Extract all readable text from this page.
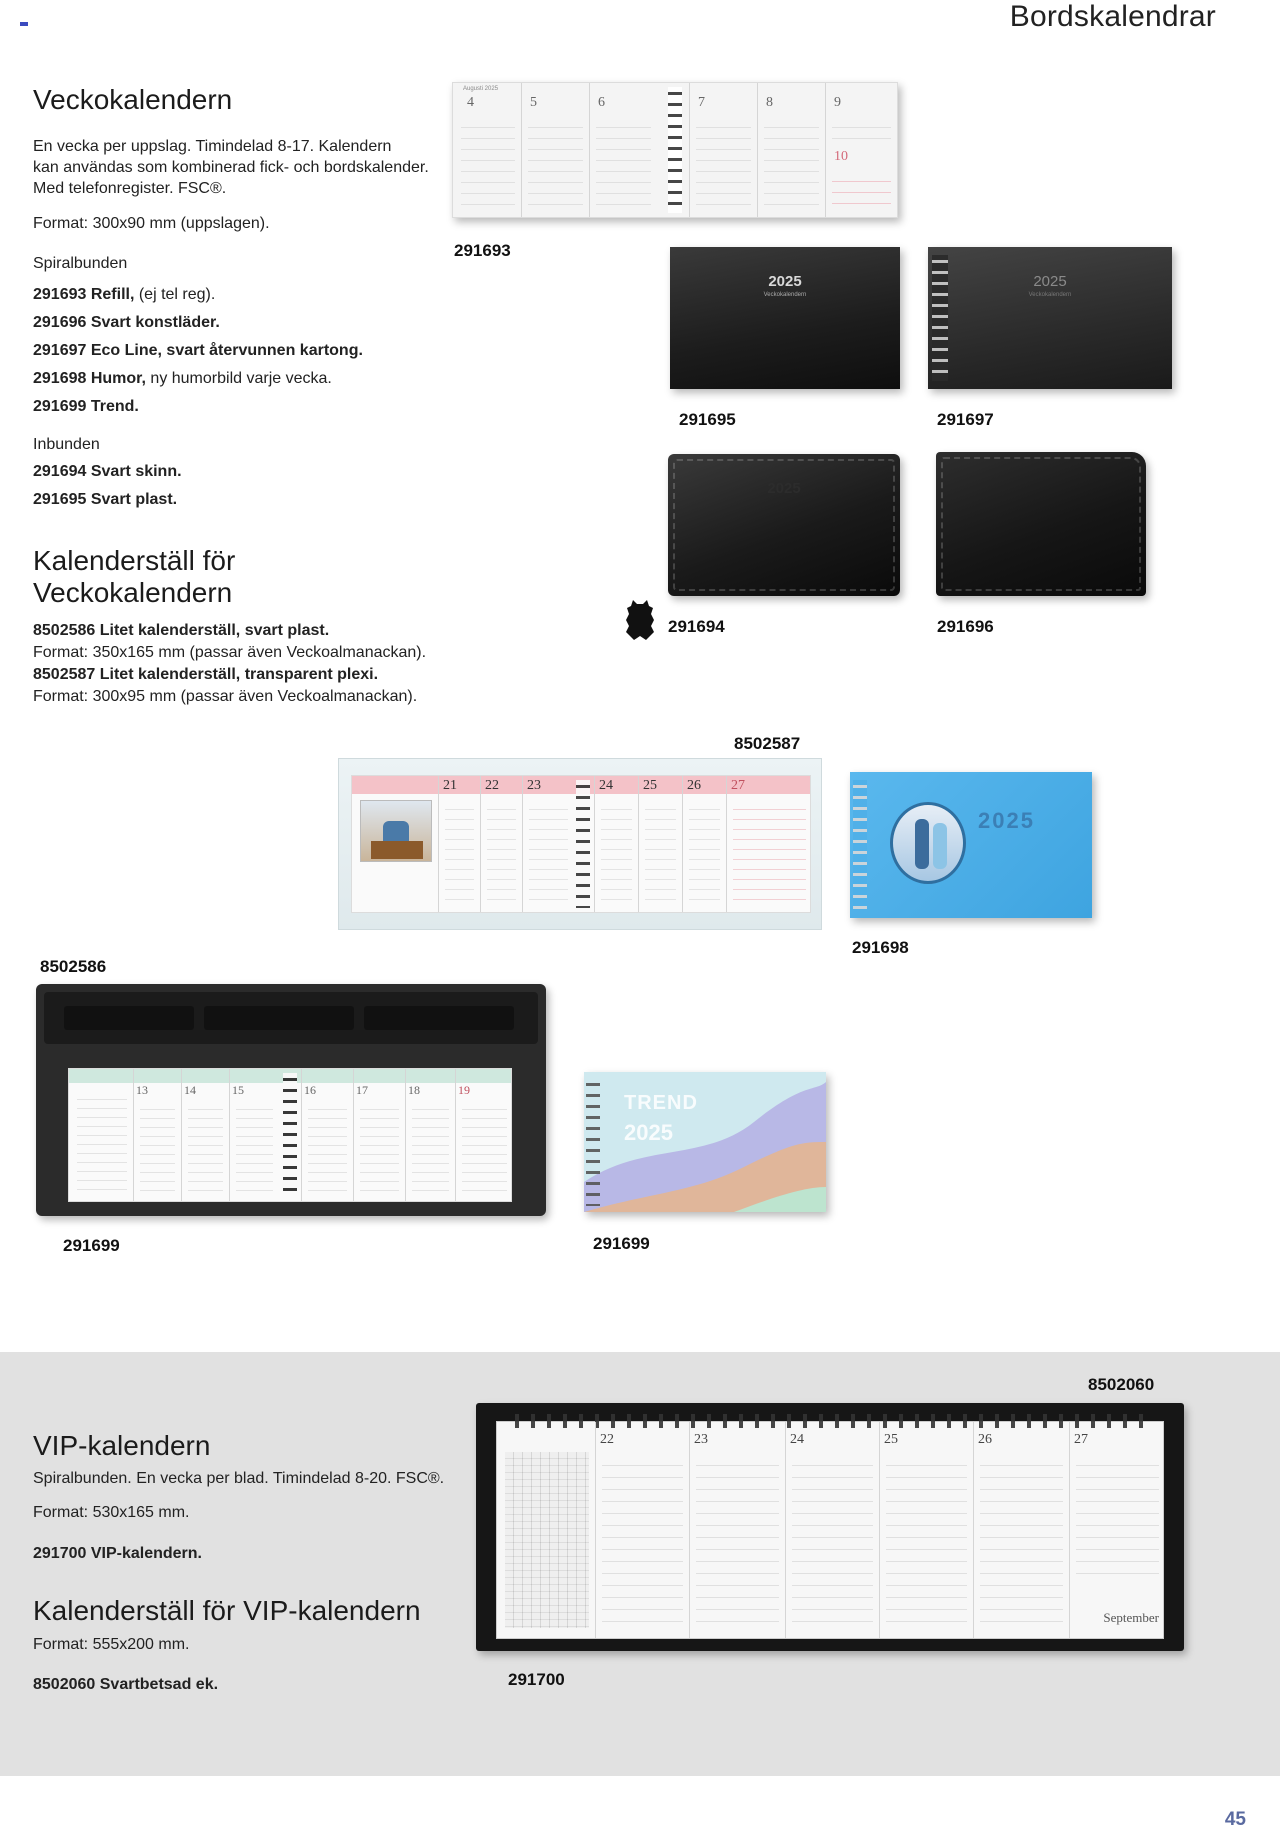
Bordskalendrar
Veckokalendern
En vecka per uppslag. Timindelad 8-17. Kalendern
kan användas som kombinerad fick- och bordskalender.
Med telefonregister. FSC®.
Format: 300x90 mm (uppslagen).
Spiralbunden
291693 Refill, (ej tel reg).
291696 Svart konstläder.
291697 Eco Line, svart återvunnen kartong.
291698 Humor, ny humorbild varje vecka.
291699 Trend.
Inbunden
291694 Svart skinn.
291695 Svart plast.
Kalenderställ för
Veckokalendern
8502586 Litet kalenderställ, svart plast.
Format: 350x165 mm (passar även Veckoalmanackan).
8502587 Litet kalenderställ, transparent plexi.
Format: 300x95 mm (passar även Veckoalmanackan).
Augusti 2025
4	5	6	7	8	9
10
291693
2025
Veckokalendern
291695
2025
Veckokalendern
291697
2025
291694	291696
8502587
21 22 23	24 25 26 27
2025
291698
8502586
13	14	15	16	17	18	19
291699
TREND
2025
291699
8502060
VIP-kalendern
Spiralbunden. En vecka per blad. Timindelad 8-20. FSC®.
Format: 530x165 mm.
291700 VIP-kalendern.
Kalenderställ för VIP-kalendern
Format: 555x200 mm.
8502060 Svartbetsad ek.
22	23	24	25	26	27
September
291700
45
